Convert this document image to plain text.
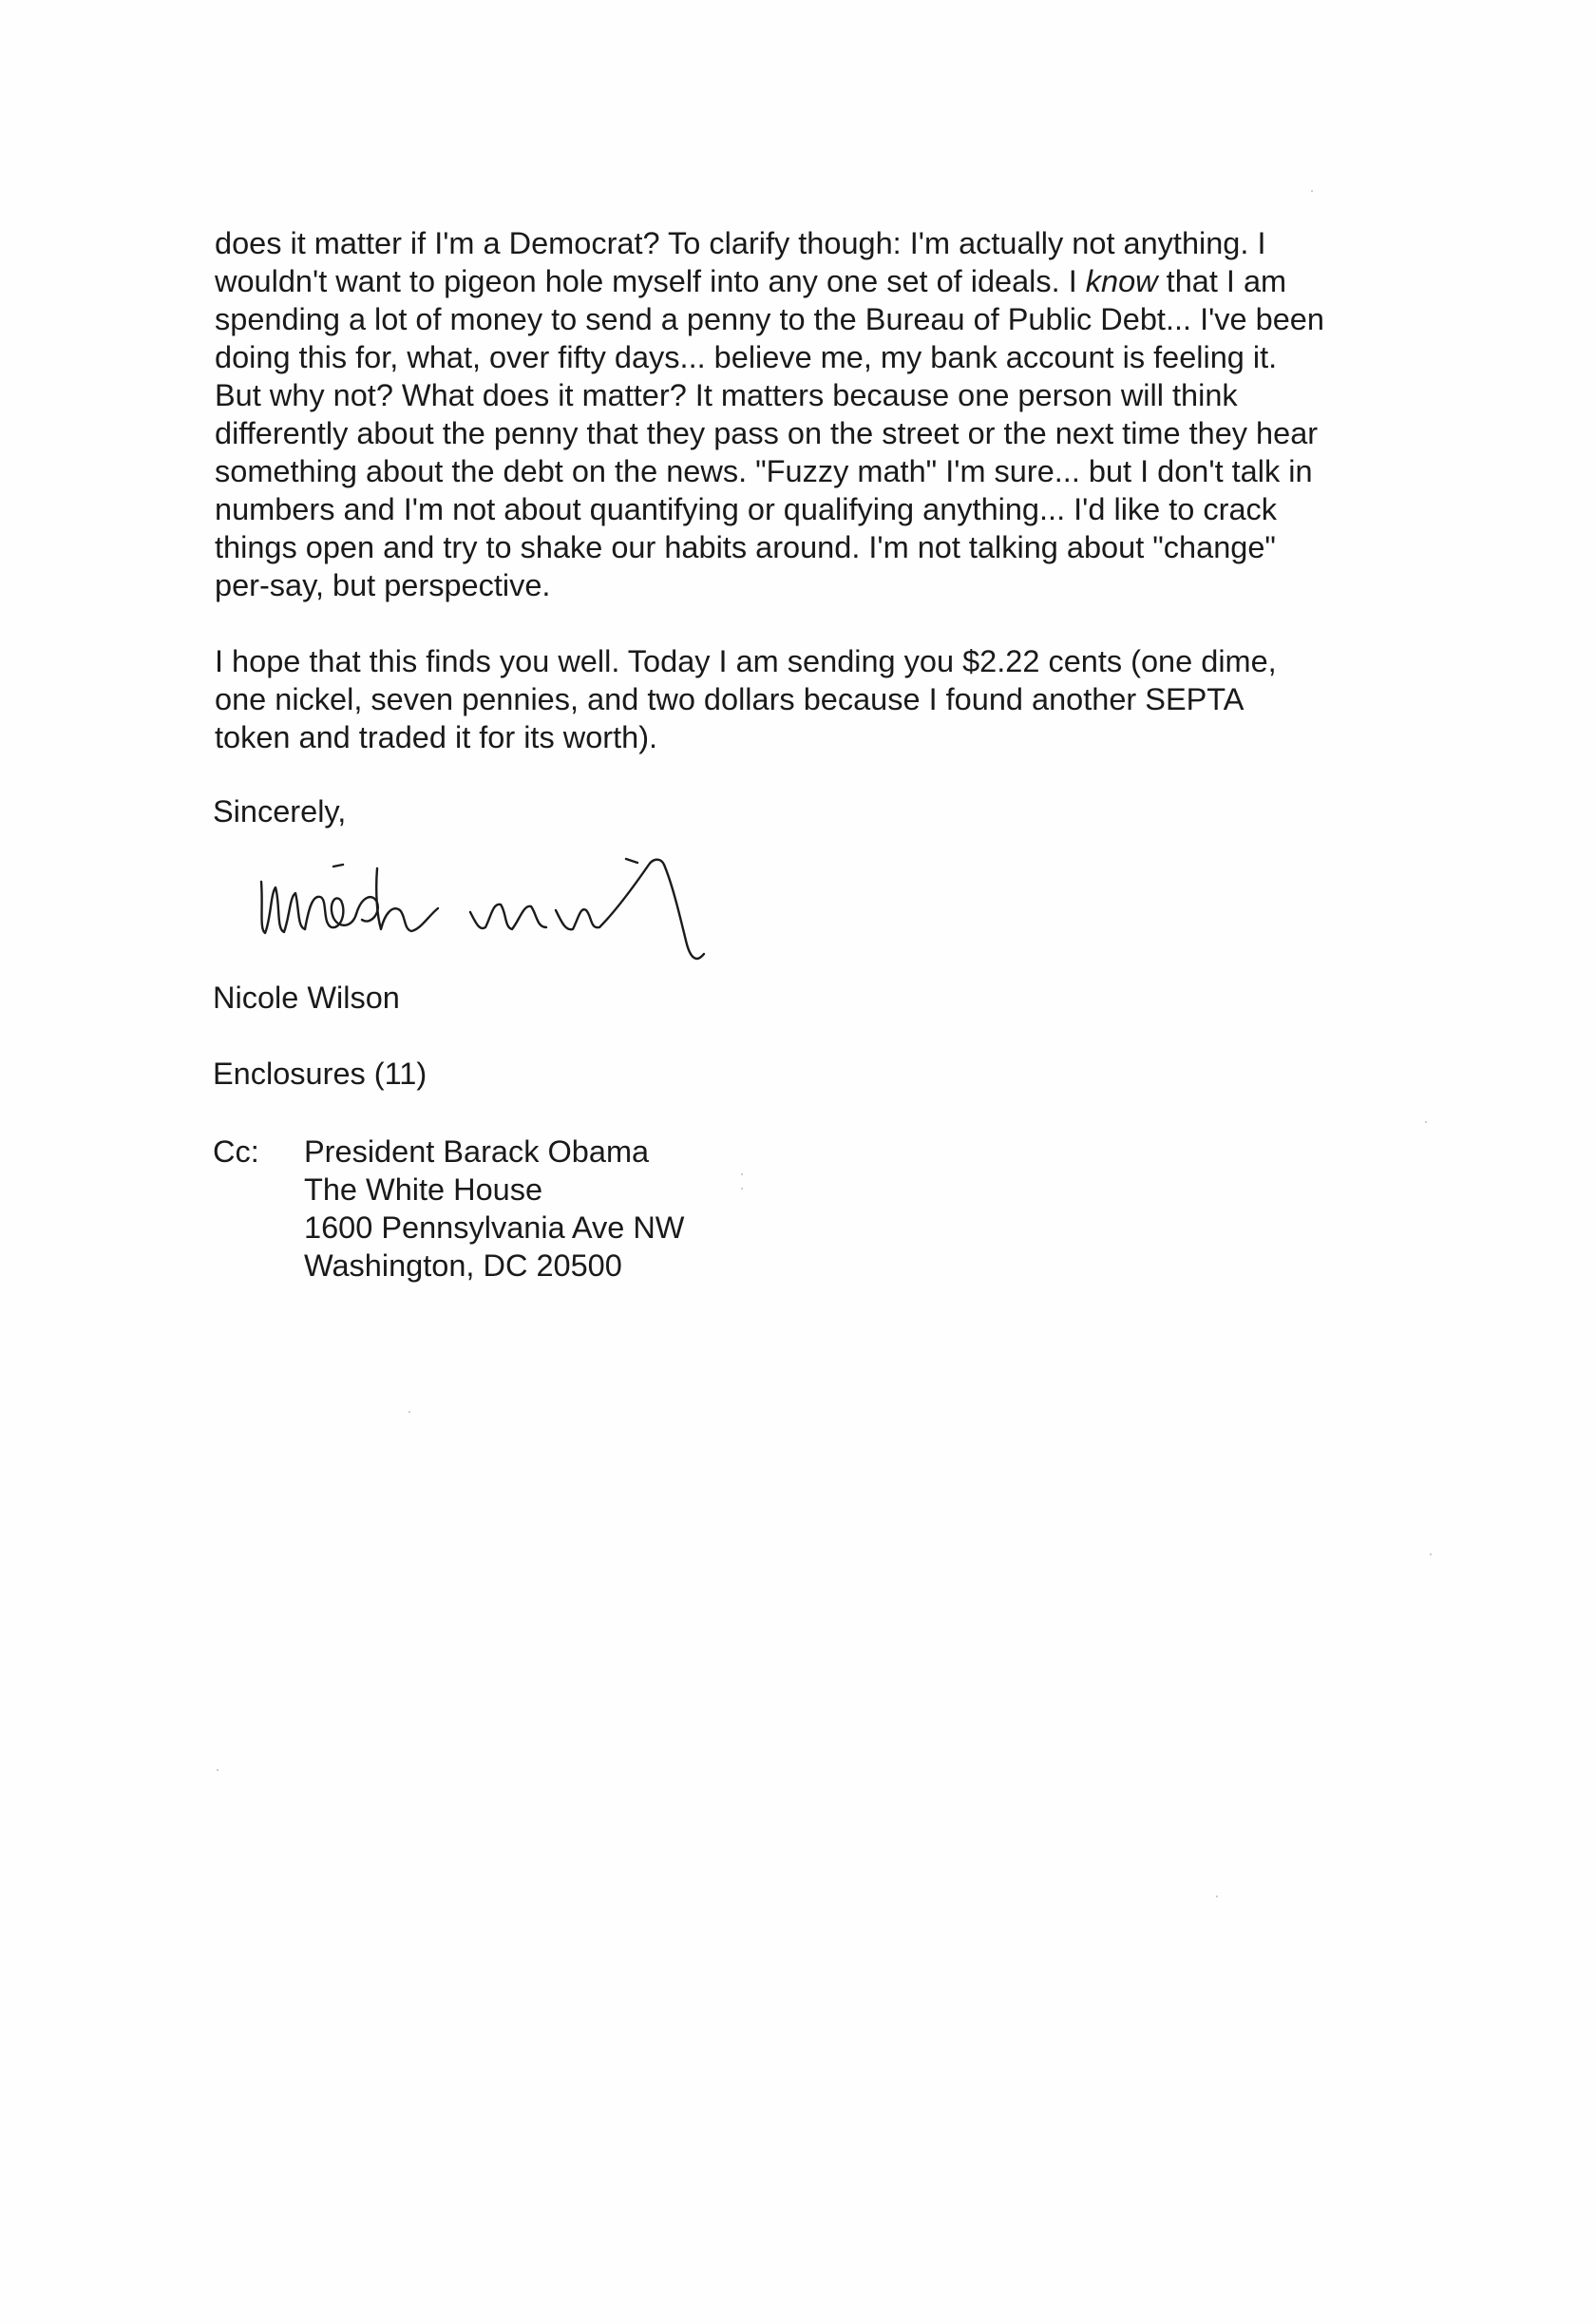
does it matter if I'm a Democrat? To clarify though: I'm actually not anything. I
wouldn't want to pigeon hole myself into any one set of ideals. I know that I am
spending a lot of money to send a penny to the Bureau of Public Debt... I've been
doing this for, what, over fifty days... believe me, my bank account is feeling it.
But why not? What does it matter? It matters because one person will think
differently about the penny that they pass on the street or the next time they hear
something about the debt on the news. "Fuzzy math" I'm sure... but I don't talk in
numbers and I'm not about quantifying or qualifying anything... I'd like to crack
things open and try to shake our habits around. I'm not talking about "change"
per-say, but perspective.
I hope that this finds you well. Today I am sending you $2.22 cents (one dime,
one nickel, seven pennies, and two dollars because I found another SEPTA
token and traded it for its worth).
Sincerely,
Nicole Wilson
Enclosures (11)
Cc: President Barack Obama
The White House
1600 Pennsylvania Ave NW
Washington, DC 20500
